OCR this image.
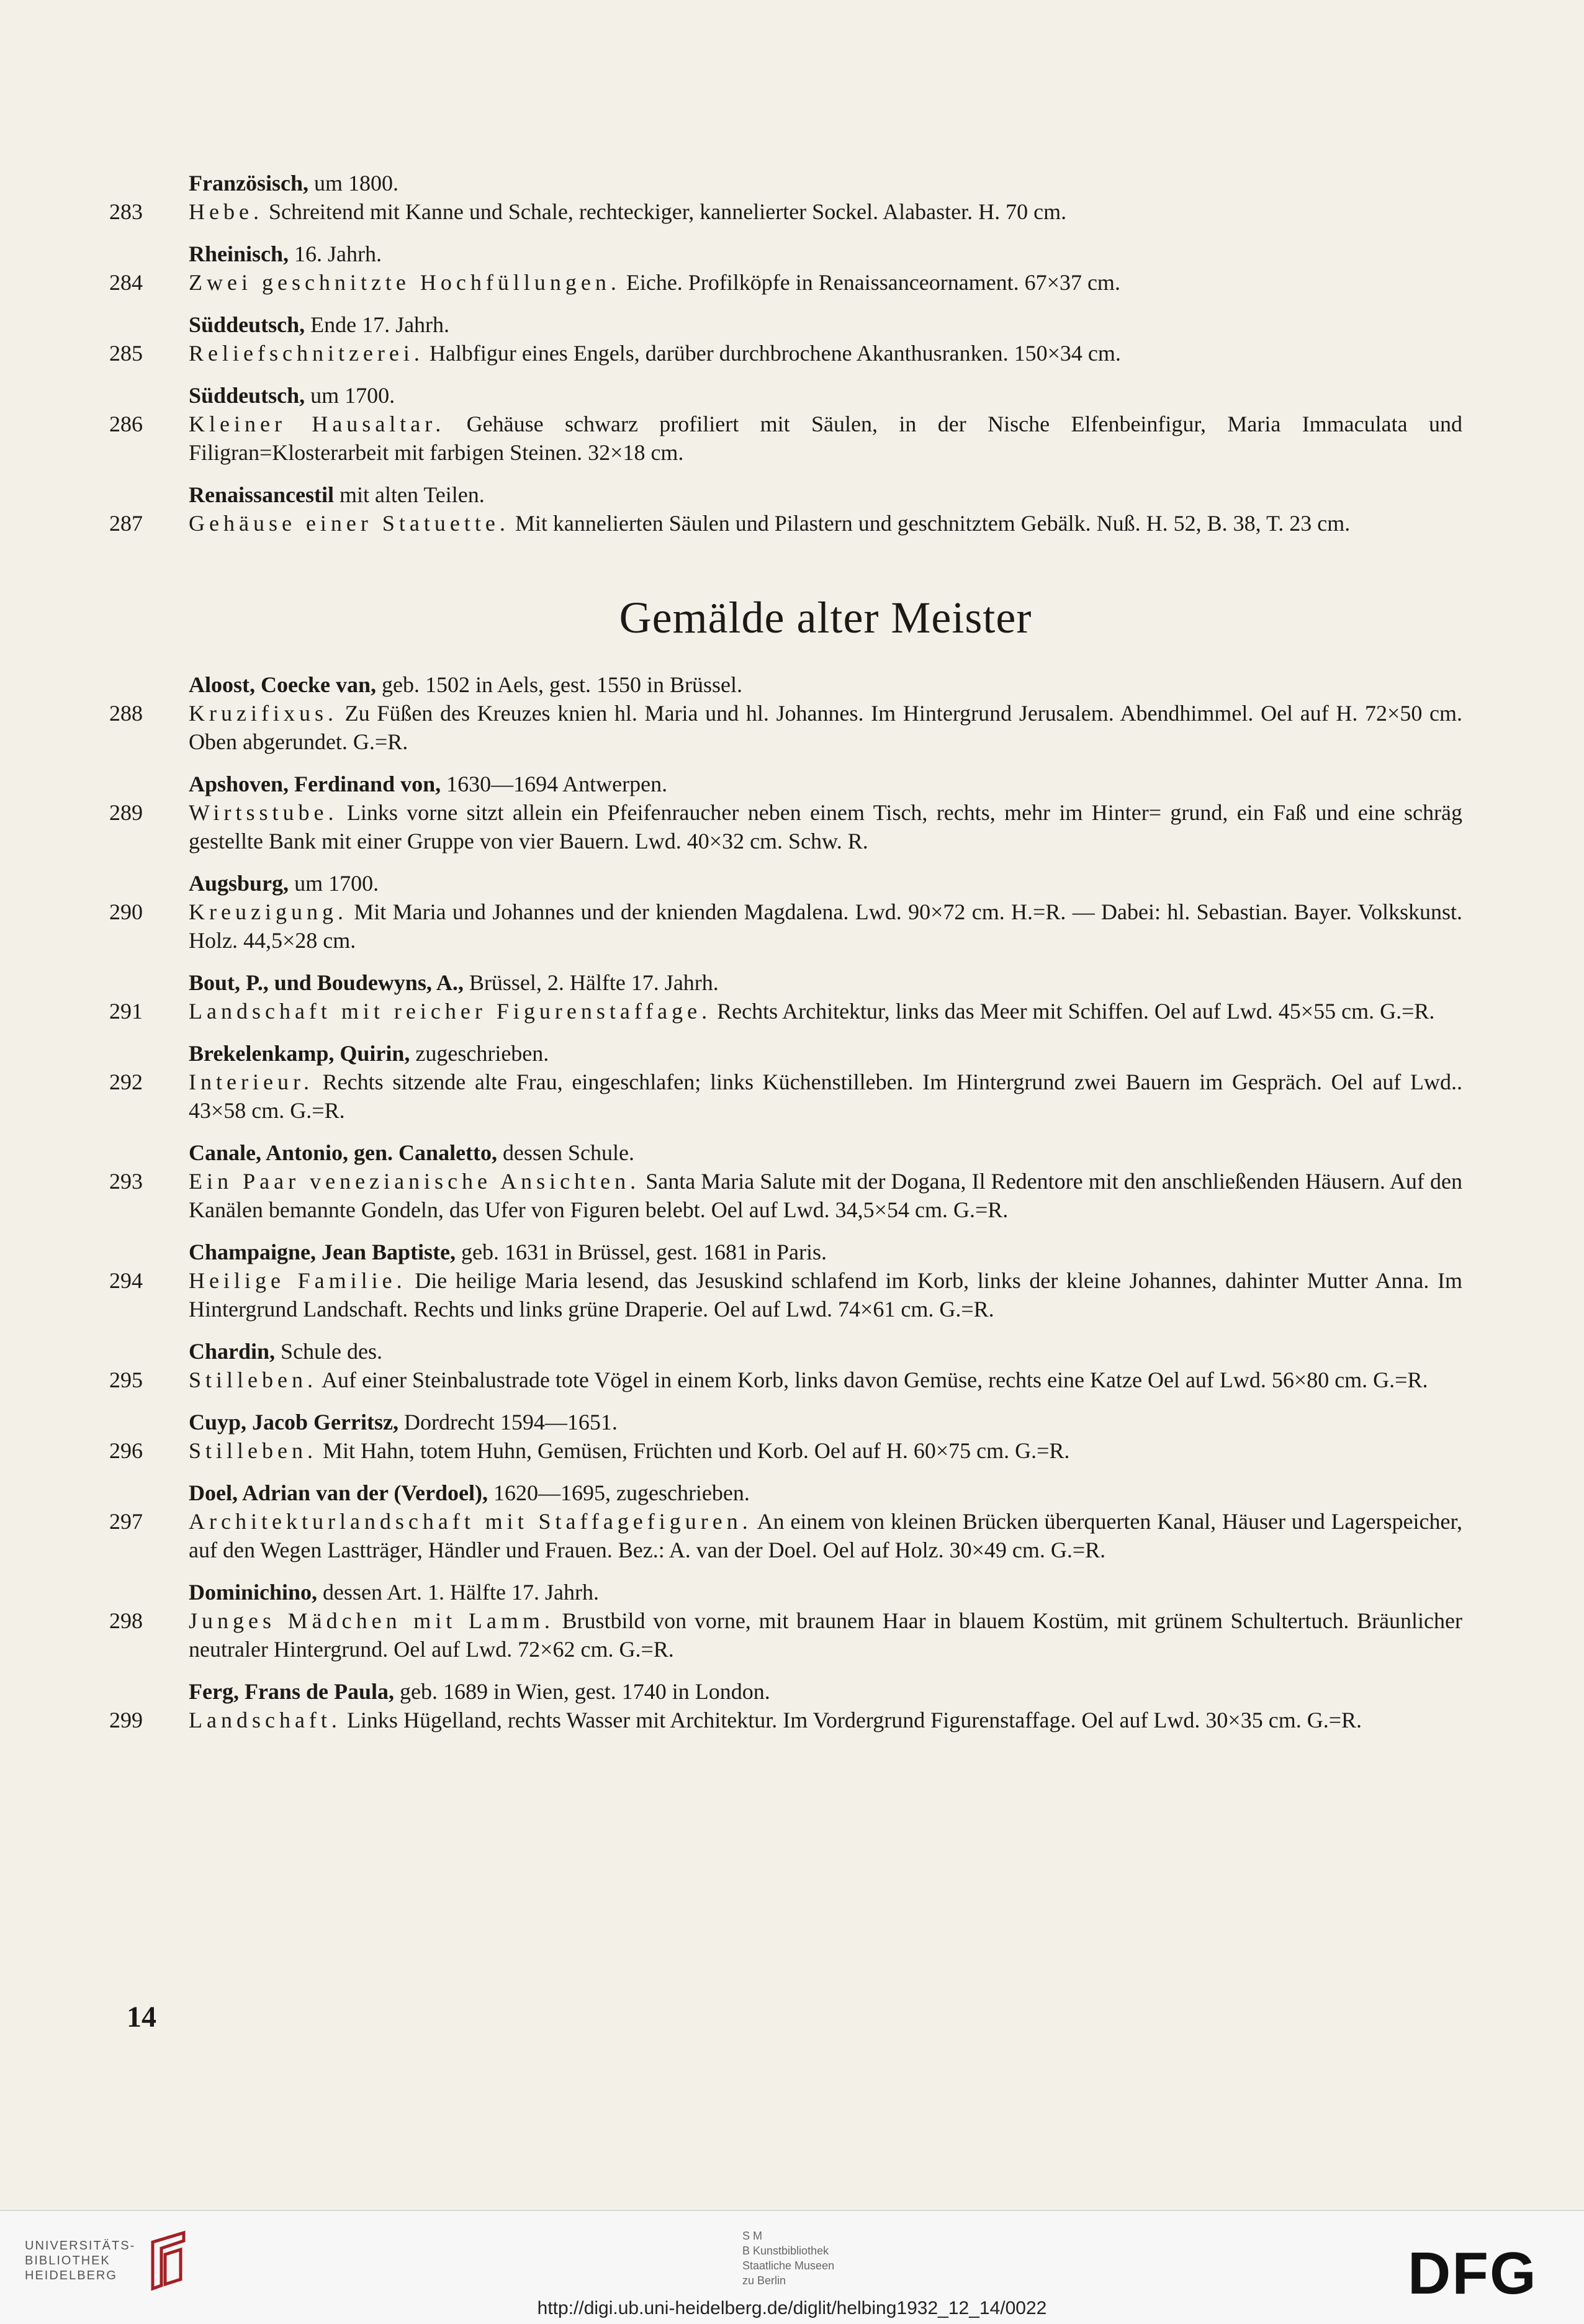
Französisch, um 1800.
283	Hebe. Schreitend mit Kanne und Schale, rechteckiger, kannelierter Sockel. Alabaster. H. 70 cm.
Rheinisch, 16. Jahrh.
284	Zwei geschnitzte Hochfüllungen. Eiche. Profilköpfe in Renaissanceornament. 67×37 cm.
Süddeutsch, Ende 17. Jahrh.
285	Reliefschnitzerei. Halbfigur eines Engels, darüber durchbrochene Akanthusranken. 150×34 cm.
Süddeutsch, um 1700.
286	Kleiner Hausaltar. Gehäuse schwarz profiliert mit Säulen, in der Nische Elfenbeinfigur, Maria Immaculata und Filigran=Klosterarbeit mit farbigen Steinen. 32×18 cm.
Renaissancestil mit alten Teilen.
287	Gehäuse einer Statuette. Mit kannelierten Säulen und Pilastern und geschnitztem Gebälk. Nuß. H. 52, B. 38, T. 23 cm.
Gemälde alter Meister
Aloost, Coecke van, geb. 1502 in Aels, gest. 1550 in Brüssel.
288	Kruzifixus. Zu Füßen des Kreuzes knien hl. Maria und hl. Johannes. Im Hintergrund Jerusalem. Abendhimmel. Oel auf H. 72×50 cm. Oben abgerundet. G.=R.
Apshoven, Ferdinand von, 1630—1694 Antwerpen.
289	Wirtsstube. Links vorne sitzt allein ein Pfeifenraucher neben einem Tisch, rechts, mehr im Hinter= grund, ein Faß und eine schräg gestellte Bank mit einer Gruppe von vier Bauern. Lwd. 40×32 cm. Schw. R.
Augsburg, um 1700.
290	Kreuzigung. Mit Maria und Johannes und der knienden Magdalena. Lwd. 90×72 cm. H.=R. — Dabei: hl. Sebastian. Bayer. Volkskunst. Holz. 44,5×28 cm.
Bout, P., und Boudewyns, A., Brüssel, 2. Hälfte 17. Jahrh.
291	Landschaft mit reicher Figurenstaffage. Rechts Architektur, links das Meer mit Schiffen. Oel auf Lwd. 45×55 cm. G.=R.
Brekelenkamp, Quirin, zugeschrieben.
292	Interieur. Rechts sitzende alte Frau, eingeschlafen; links Küchenstilleben. Im Hintergrund zwei Bauern im Gespräch. Oel auf Lwd.. 43×58 cm. G.=R.
Canale, Antonio, gen. Canaletto, dessen Schule.
293	Ein Paar venezianische Ansichten. Santa Maria Salute mit der Dogana, Il Redentore mit den anschließenden Häusern. Auf den Kanälen bemannte Gondeln, das Ufer von Figuren belebt. Oel auf Lwd. 34,5×54 cm. G.=R.
Champaigne, Jean Baptiste, geb. 1631 in Brüssel, gest. 1681 in Paris.
294	Heilige Familie. Die heilige Maria lesend, das Jesuskind schlafend im Korb, links der kleine Johannes, dahinter Mutter Anna. Im Hintergrund Landschaft. Rechts und links grüne Draperie. Oel auf Lwd. 74×61 cm. G.=R.
Chardin, Schule des.
295	Stilleben. Auf einer Steinbalustrade tote Vögel in einem Korb, links davon Gemüse, rechts eine Katze Oel auf Lwd. 56×80 cm. G.=R.
Cuyp, Jacob Gerritsz, Dordrecht 1594—1651.
296	Stilleben. Mit Hahn, totem Huhn, Gemüsen, Früchten und Korb. Oel auf H. 60×75 cm. G.=R.
Doel, Adrian van der (Verdoel), 1620—1695, zugeschrieben.
297	Architekturlandschaft mit Staffagefiguren. An einem von kleinen Brücken überquerten Kanal, Häuser und Lagerspeicher, auf den Wegen Lastträger, Händler und Frauen. Bez.: A. van der Doel. Oel auf Holz. 30×49 cm. G.=R.
Dominichino, dessen Art. 1. Hälfte 17. Jahrh.
298	Junges Mädchen mit Lamm. Brustbild von vorne, mit braunem Haar in blauem Kostüm, mit grünem Schultertuch. Bräunlicher neutraler Hintergrund. Oel auf Lwd. 72×62 cm. G.=R.
Ferg, Frans de Paula, geb. 1689 in Wien, gest. 1740 in London.
299	Landschaft. Links Hügelland, rechts Wasser mit Architektur. Im Vordergrund Figurenstaffage. Oel auf Lwd. 30×35 cm. G.=R.
14
UNIVERSITÄTS-
BIBLIOTHEK
HEIDELBERG
S M
B Kunstbibliothek
Staatliche Museen
zu Berlin	DFG
http://digi.ub.uni-heidelberg.de/diglit/helbing1932_12_14/0022
